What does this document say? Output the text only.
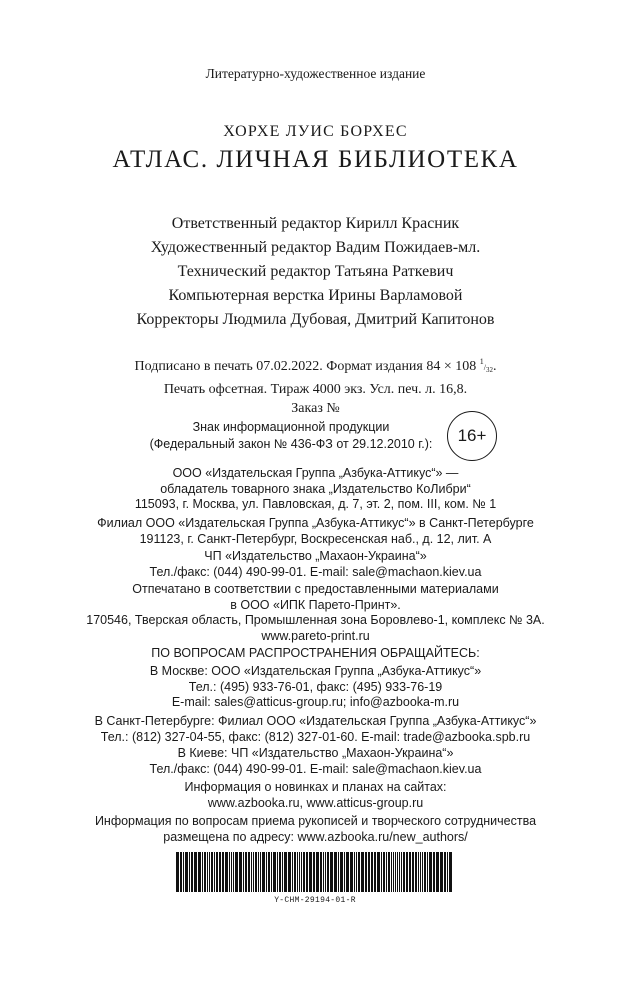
Литературно-художественное издание
ХОРХЕ ЛУИС БОРХЕС
АТЛАС. ЛИЧНАЯ БИБЛИОТЕКА
Ответственный редактор Кирилл Красник
Художественный редактор Вадим Пожидаев-мл.
Технический редактор Татьяна Раткевич
Компьютерная верстка Ирины Варламовой
Корректоры Людмила Дубовая, Дмитрий Капитонов
Подписано в печать 07.02.2022. Формат издания 84 × 108 $^1/_{32}$.
Печать офсетная. Тираж 4000 экз. Усл. печ. л. 16,8.
Заказ №
Знак информационной продукции
(Федеральный закон № 436-ФЗ от 29.12.2010 г.):	16+
ООО «Издательская Группа „Азбука-Аттикус“» —
обладатель товарного знака „Издательство КоЛибри“
115093, г. Москва, ул. Павловская, д. 7, эт. 2, пом. III, ком. № 1
Филиал ООО «Издательская Группа „Азбука-Аттикус“» в Санкт-Петербурге
191123, г. Санкт-Петербург, Воскресенская наб., д. 12, лит. А
ЧП «Издательство „Махаон-Украина“»
Тел./факс: (044) 490-99-01. E-mail: sale@machaon.kiev.ua
Отпечатано в соответствии с предоставленными материалами
в ООО «ИПК Парето-Принт».
170546, Тверская область, Промышленная зона Боровлево-1, комплекс № 3А.
www.pareto-print.ru
ПО ВОПРОСАМ РАСПРОСТРАНЕНИЯ ОБРАЩАЙТЕСЬ:
В Москве: ООО «Издательская Группа „Азбука-Аттикус“»
Тел.: (495) 933-76-01, факс: (495) 933-76-19
E-mail: sales@atticus-group.ru; info@azbooka-m.ru
В Санкт-Петербурге: Филиал ООО «Издательская Группа „Азбука-Аттикус“»
Тел.: (812) 327-04-55, факс: (812) 327-01-60. E-mail: trade@azbooka.spb.ru
В Киеве: ЧП «Издательство „Махаон-Украина“»
Тел./факс: (044) 490-99-01. E-mail: sale@machaon.kiev.ua
Информация о новинках и планах на сайтах:
www.azbooka.ru, www.atticus-group.ru
Информация по вопросам приема рукописей и творческого сотрудничества
размещена по адресу: www.azbooka.ru/new_authors/
Y-CHM-29194-01-R
